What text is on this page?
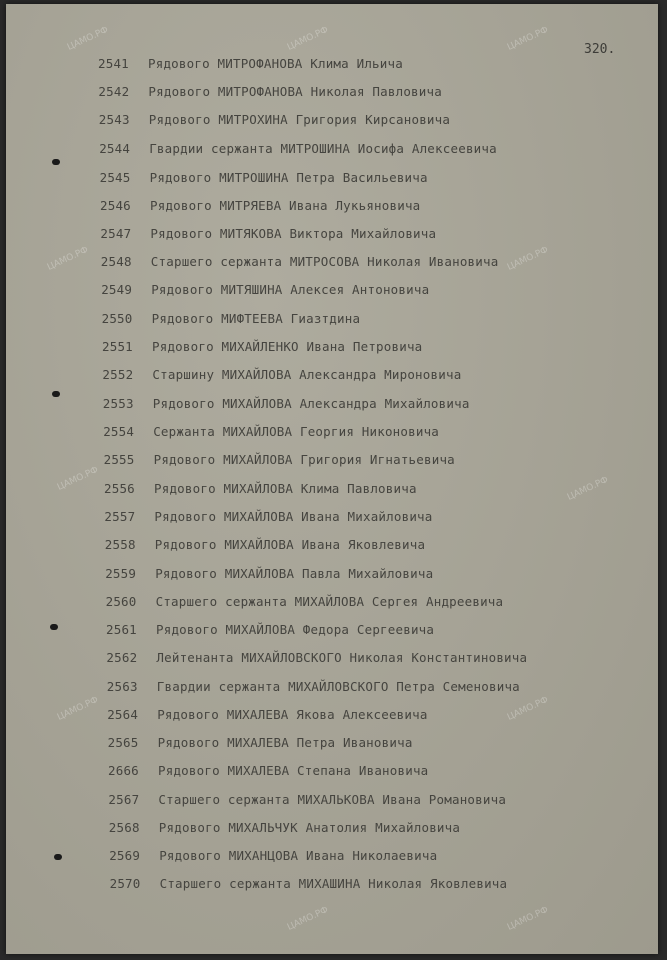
320.
2541 Рядового МИТРОФАНОВА Клима Ильича
2542 Рядового МИТРОФАНОВА Николая Павловича
2543 Рядового МИТРОХИНА Григория Кирсановича
2544 Гвардии сержанта МИТРОШИНА Иосифа Алексеевича
2545 Рядового МИТРОШИНА Петра Васильевича
2546 Рядового МИТРЯЕВА Ивана Лукьяновича
2547 Рядового МИТЯКОВА Виктора Михайловича
2548 Старшего сержанта МИТРОСОВА Николая Ивановича
2549 Рядового МИТЯШИНА Алексея Антоновича
2550 Рядового МИФТЕЕВА Гиазтдина
2551 Рядового МИХАЙЛЕНКО Ивана Петровича
2552 Старшину МИХАЙЛОВА Александра Мироновича
2553 Рядового МИХАЙЛОВА Александра Михайловича
2554 Сержанта МИХАЙЛОВА Георгия Никоновича
2555 Рядового МИХАЙЛОВА Григория Игнатьевича
2556 Рядового МИХАЙЛОВА Клима Павловича
2557 Рядового МИХАЙЛОВА Ивана Михайловича
2558 Рядового МИХАЙЛОВА Ивана Яковлевича
2559 Рядового МИХАЙЛОВА Павла Михайловича
2560 Старшего сержанта МИХАЙЛОВА Сергея Андреевича
2561 Рядового МИХАЙЛОВА Федора Сергеевича
2562 Лейтенанта МИХАЙЛОВСКОГО Николая Константиновича
2563 Гвардии сержанта МИХАЙЛОВСКОГО Петра Семеновича
2564 Рядового МИХАЛЕВА Якова Алексеевича
2565 Рядового МИХАЛЕВА Петра Ивановича
2666 Рядового МИХАЛЕВА Степана Ивановича
2567 Старшего сержанта МИХАЛЬКОВА Ивана Романовича
2568 Рядового МИХАЛЬЧУК Анатолия Михайловича
2569 Рядового МИХАНЦОВА Ивана Николаевича
2570 Старшего сержанта МИХАШИНА Николая Яковлевича
ЦАМО.РФ	ЦАМО.РФ	ЦАМО.РФ
ЦАМО.РФ	ЦАМО.РФ
ЦАМО.РФ	ЦАМО.РФ
ЦАМО.РФ	ЦАМО.РФ
ЦАМО.РФ	ЦАМО.РФ
